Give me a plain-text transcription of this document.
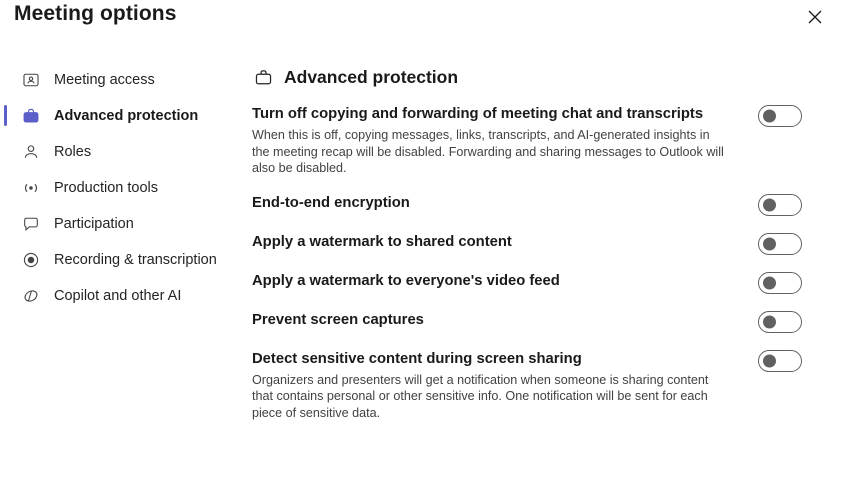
Meeting options
Meeting access
Advanced protection
Roles
Production tools
Participation
Recording & transcription
Copilot and other AI
Advanced protection
Turn off copying and forwarding of meeting chat and transcripts
When this is off, copying messages, links, transcripts, and AI-generated insights in the meeting recap will be disabled. Forwarding and sharing messages to Outlook will also be disabled.
End-to-end encryption
Apply a watermark to shared content
Apply a watermark to everyone's video feed
Prevent screen captures
Detect sensitive content during screen sharing
Organizers and presenters will get a notification when someone is sharing content that contains personal or other sensitive info. One notification will be sent for each piece of sensitive data.
